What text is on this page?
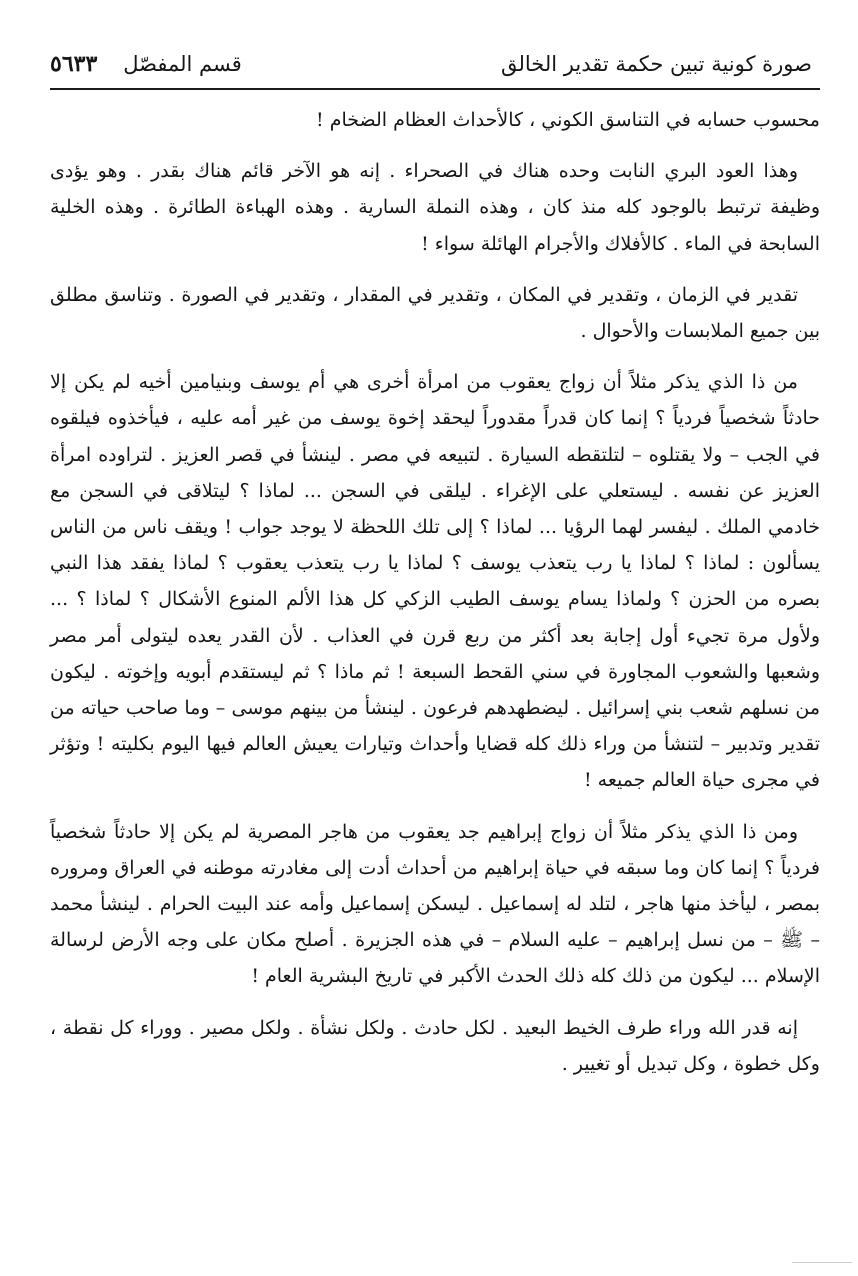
صورة كونية تبين حكمة تقدير الخالق
قسم المفصّل
٥٦٣٣

محسوب حسابه في التناسق الكوني ، كالأحداث العظام الضخام !

وهذا العود البري النابت وحده هناك في الصحراء . إنه هو الآخر قائم هناك بقدر . وهو يؤدى وظيفة ترتبط بالوجود كله منذ كان ، وهذه النملة السارية . وهذه الهباءة الطائرة . وهذه الخلية السابحة في الماء . كالأفلاك والأجرام الهائلة سواء !

تقدير في الزمان ، وتقدير في المكان ، وتقدير في المقدار ، وتقدير في الصورة . وتناسق مطلق بين جميع الملابسات والأحوال .

من ذا الذي يذكر مثلاً أن زواج يعقوب من امرأة أخرى هي أم يوسف وبنيامين أخيه لم يكن إلا حادثاً شخصياً فردياً ؟ إنما كان قدراً مقدوراً ليحقد إخوة يوسف من غير أمه عليه ، فيأخذوه فيلقوه في الجب – ولا يقتلوه – لتلتقطه السيارة . لتبيعه في مصر . لينشأ في قصر العزيز . لتراوده امرأة العزيز عن نفسه . ليستعلي على الإغراء . ليلقى في السجن ... لماذا ؟ ليتلاقى في السجن مع خادمي الملك . ليفسر لهما الرؤيا ... لماذا ؟ إلى تلك اللحظة لا يوجد جواب ! ويقف ناس من الناس يسألون : لماذا ؟ لماذا يا رب يتعذب يوسف ؟ لماذا يا رب يتعذب يعقوب ؟ لماذا يفقد هذا النبي بصره من الحزن ؟ ولماذا يسام يوسف الطيب الزكي كل هذا الألم المنوع الأشكال ؟ لماذا ؟ ... ولأول مرة تجيء أول إجابة بعد أكثر من ربع قرن في العذاب . لأن القدر يعده ليتولى أمر مصر وشعبها والشعوب المجاورة في سني القحط السبعة ! ثم ماذا ؟ ثم ليستقدم أبويه وإخوته . ليكون من نسلهم شعب بني إسرائيل . ليضطهدهم فرعون . لينشأ من بينهم موسى – وما صاحب حياته من تقدير وتدبير – لتنشأ من وراء ذلك كله قضايا وأحداث وتيارات يعيش العالم فيها اليوم بكليته ! وتؤثر في مجرى حياة العالم جميعه !

ومن ذا الذي يذكر مثلاً أن زواج إبراهيم جد يعقوب من هاجر المصرية لم يكن إلا حادثاً شخصياً فردياً ؟ إنما كان وما سبقه في حياة إبراهيم من أحداث أدت إلى مغادرته موطنه في العراق ومروره بمصر ، ليأخذ منها هاجر ، لتلد له إسماعيل . ليسكن إسماعيل وأمه عند البيت الحرام . لينشأ محمد – ﷺ – من نسل إبراهيم – عليه السلام – في هذه الجزيرة . أصلح مكان على وجه الأرض لرسالة الإسلام ... ليكون من ذلك كله ذلك الحدث الأكبر في تاريخ البشرية العام !

إنه قدر الله وراء طرف الخيط البعيد . لكل حادث . ولكل نشأة . ولكل مصير . ووراء كل نقطة ، وكل خطوة ، وكل تبديل أو تغيير .
